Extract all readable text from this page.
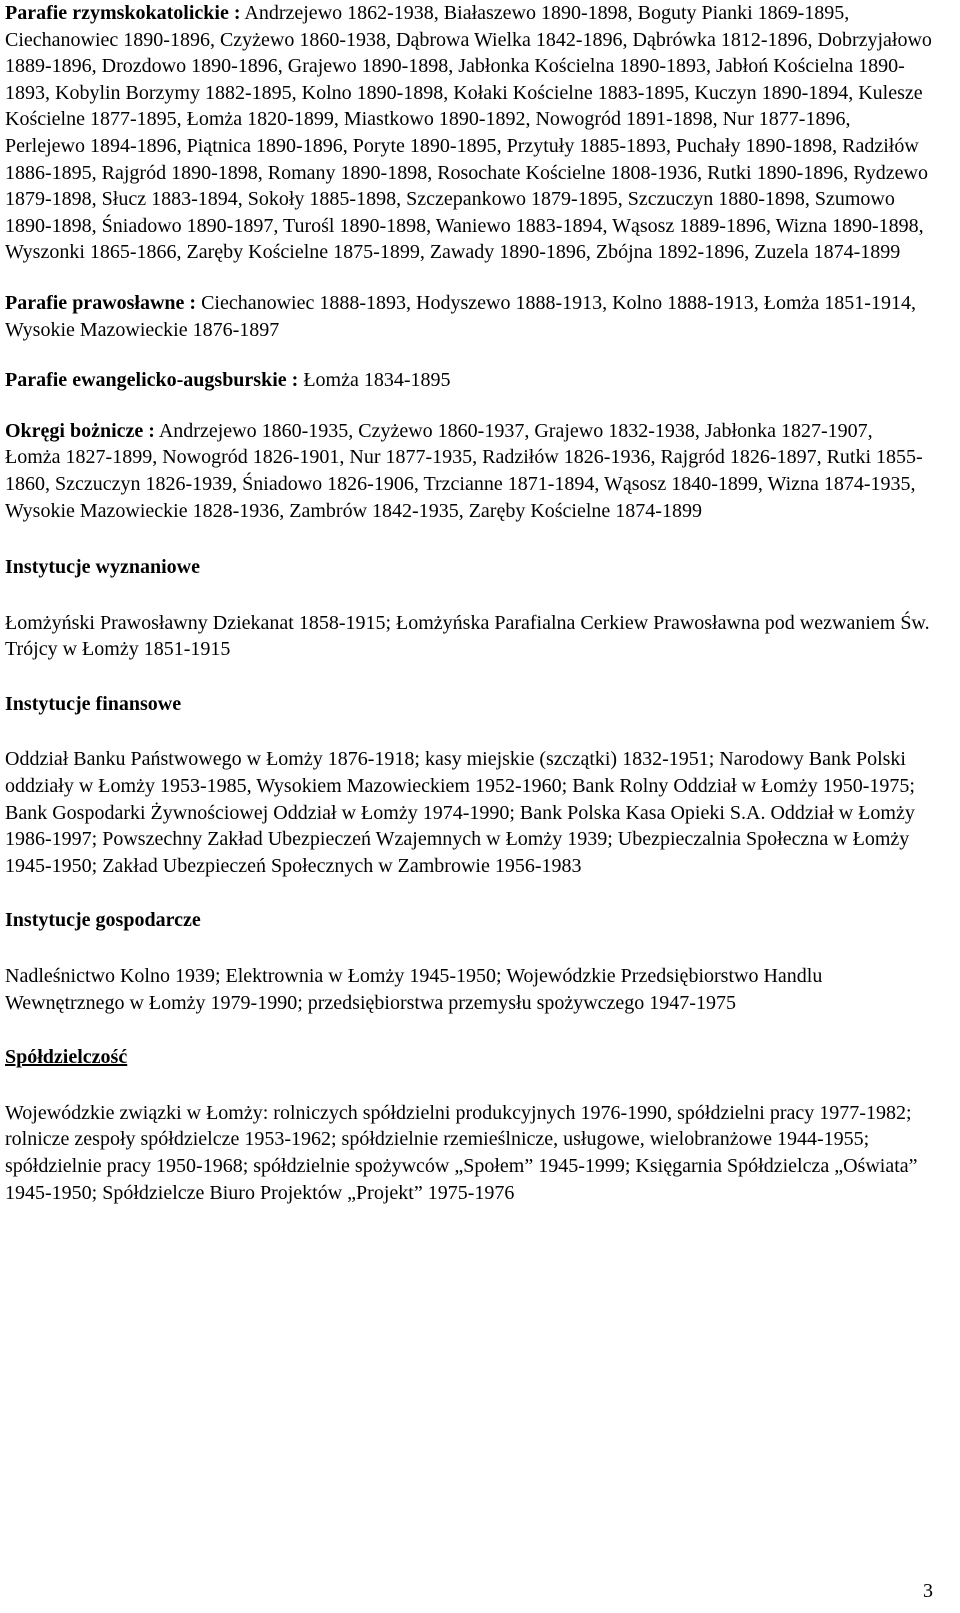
Parafie rzymskokatolickie : Andrzejewo 1862-1938, Białaszewo 1890-1898, Boguty Pianki 1869-1895, Ciechanowiec 1890-1896, Czyżewo 1860-1938, Dąbrowa Wielka 1842-1896, Dąbrówka 1812-1896, Dobrzyjałowo 1889-1896, Drozdowo 1890-1896, Grajewo 1890-1898, Jabłonka Kościelna 1890-1893, Jabłoń Kościelna 1890-1893, Kobylin Borzymy 1882-1895, Kolno 1890-1898, Kołaki Kościelne 1883-1895, Kuczyn 1890-1894, Kulesze Kościelne 1877-1895, Łomża 1820-1899, Miastkowo 1890-1892, Nowogród 1891-1898, Nur 1877-1896, Perlejewo 1894-1896, Piątnica 1890-1896, Poryte 1890-1895, Przytuły 1885-1893, Puchały 1890-1898, Radziłów 1886-1895, Rajgród 1890-1898, Romany 1890-1898, Rosochate Kościelne 1808-1936, Rutki 1890-1896, Rydzewo 1879-1898, Słucz 1883-1894, Sokoły 1885-1898, Szczepankowo 1879-1895, Szczuczyn 1880-1898, Szumowo 1890-1898, Śniadowo 1890-1897, Turośl 1890-1898, Waniewo 1883-1894, Wąsosz 1889-1896, Wizna 1890-1898, Wyszonki 1865-1866, Zaręby Kościelne 1875-1899, Zawady 1890-1896, Zbójna 1892-1896, Zuzela 1874-1899

Parafie prawosławne : Ciechanowiec 1888-1893, Hodyszewo 1888-1913, Kolno 1888-1913, Łomża 1851-1914, Wysokie Mazowieckie 1876-1897

Parafie ewangelicko-augsburskie : Łomża 1834-1895

Okręgi bożnicze : Andrzejewo 1860-1935, Czyżewo 1860-1937, Grajewo 1832-1938, Jabłonka 1827-1907, Łomża 1827-1899, Nowogród 1826-1901, Nur 1877-1935, Radziłów 1826-1936, Rajgród 1826-1897, Rutki 1855-1860, Szczuczyn 1826-1939, Śniadowo 1826-1906, Trzcianne 1871-1894, Wąsosz 1840-1899, Wizna 1874-1935, Wysokie Mazowieckie 1828-1936, Zambrów 1842-1935, Zaręby Kościelne 1874-1899

Instytucje wyznaniowe

Łomżyński Prawosławny Dziekanat 1858-1915; Łomżyńska Parafialna Cerkiew Prawosławna pod wezwaniem Św. Trójcy w Łomży 1851-1915

Instytucje finansowe

Oddział Banku Państwowego w Łomży 1876-1918; kasy miejskie (szczątki) 1832-1951; Narodowy Bank Polski oddziały w Łomży 1953-1985, Wysokiem Mazowieckiem 1952-1960; Bank Rolny Oddział w Łomży 1950-1975; Bank Gospodarki Żywnościowej Oddział w Łomży 1974-1990; Bank Polska Kasa Opieki S.A. Oddział w Łomży 1986-1997; Powszechny Zakład Ubezpieczeń Wzajemnych w Łomży 1939; Ubezpieczalnia Społeczna w Łomży 1945-1950; Zakład Ubezpieczeń Społecznych w Zambrowie 1956-1983

Instytucje gospodarcze

Nadleśnictwo Kolno 1939; Elektrownia w Łomży 1945-1950; Wojewódzkie Przedsiębiorstwo Handlu Wewnętrznego w Łomży 1979-1990; przedsiębiorstwa przemysłu spożywczego 1947-1975

Spółdzielczość

Wojewódzkie związki w Łomży: rolniczych spółdzielni produkcyjnych 1976-1990, spółdzielni pracy 1977-1982; rolnicze zespoły spółdzielcze 1953-1962; spółdzielnie rzemieślnicze, usługowe, wielobranżowe 1944-1955; spółdzielnie pracy 1950-1968; spółdzielnie spożywców „Społem” 1945-1999; Księgarnia Spółdzielcza „Oświata” 1945-1950; Spółdzielcze Biuro Projektów „Projekt” 1975-1976

3
